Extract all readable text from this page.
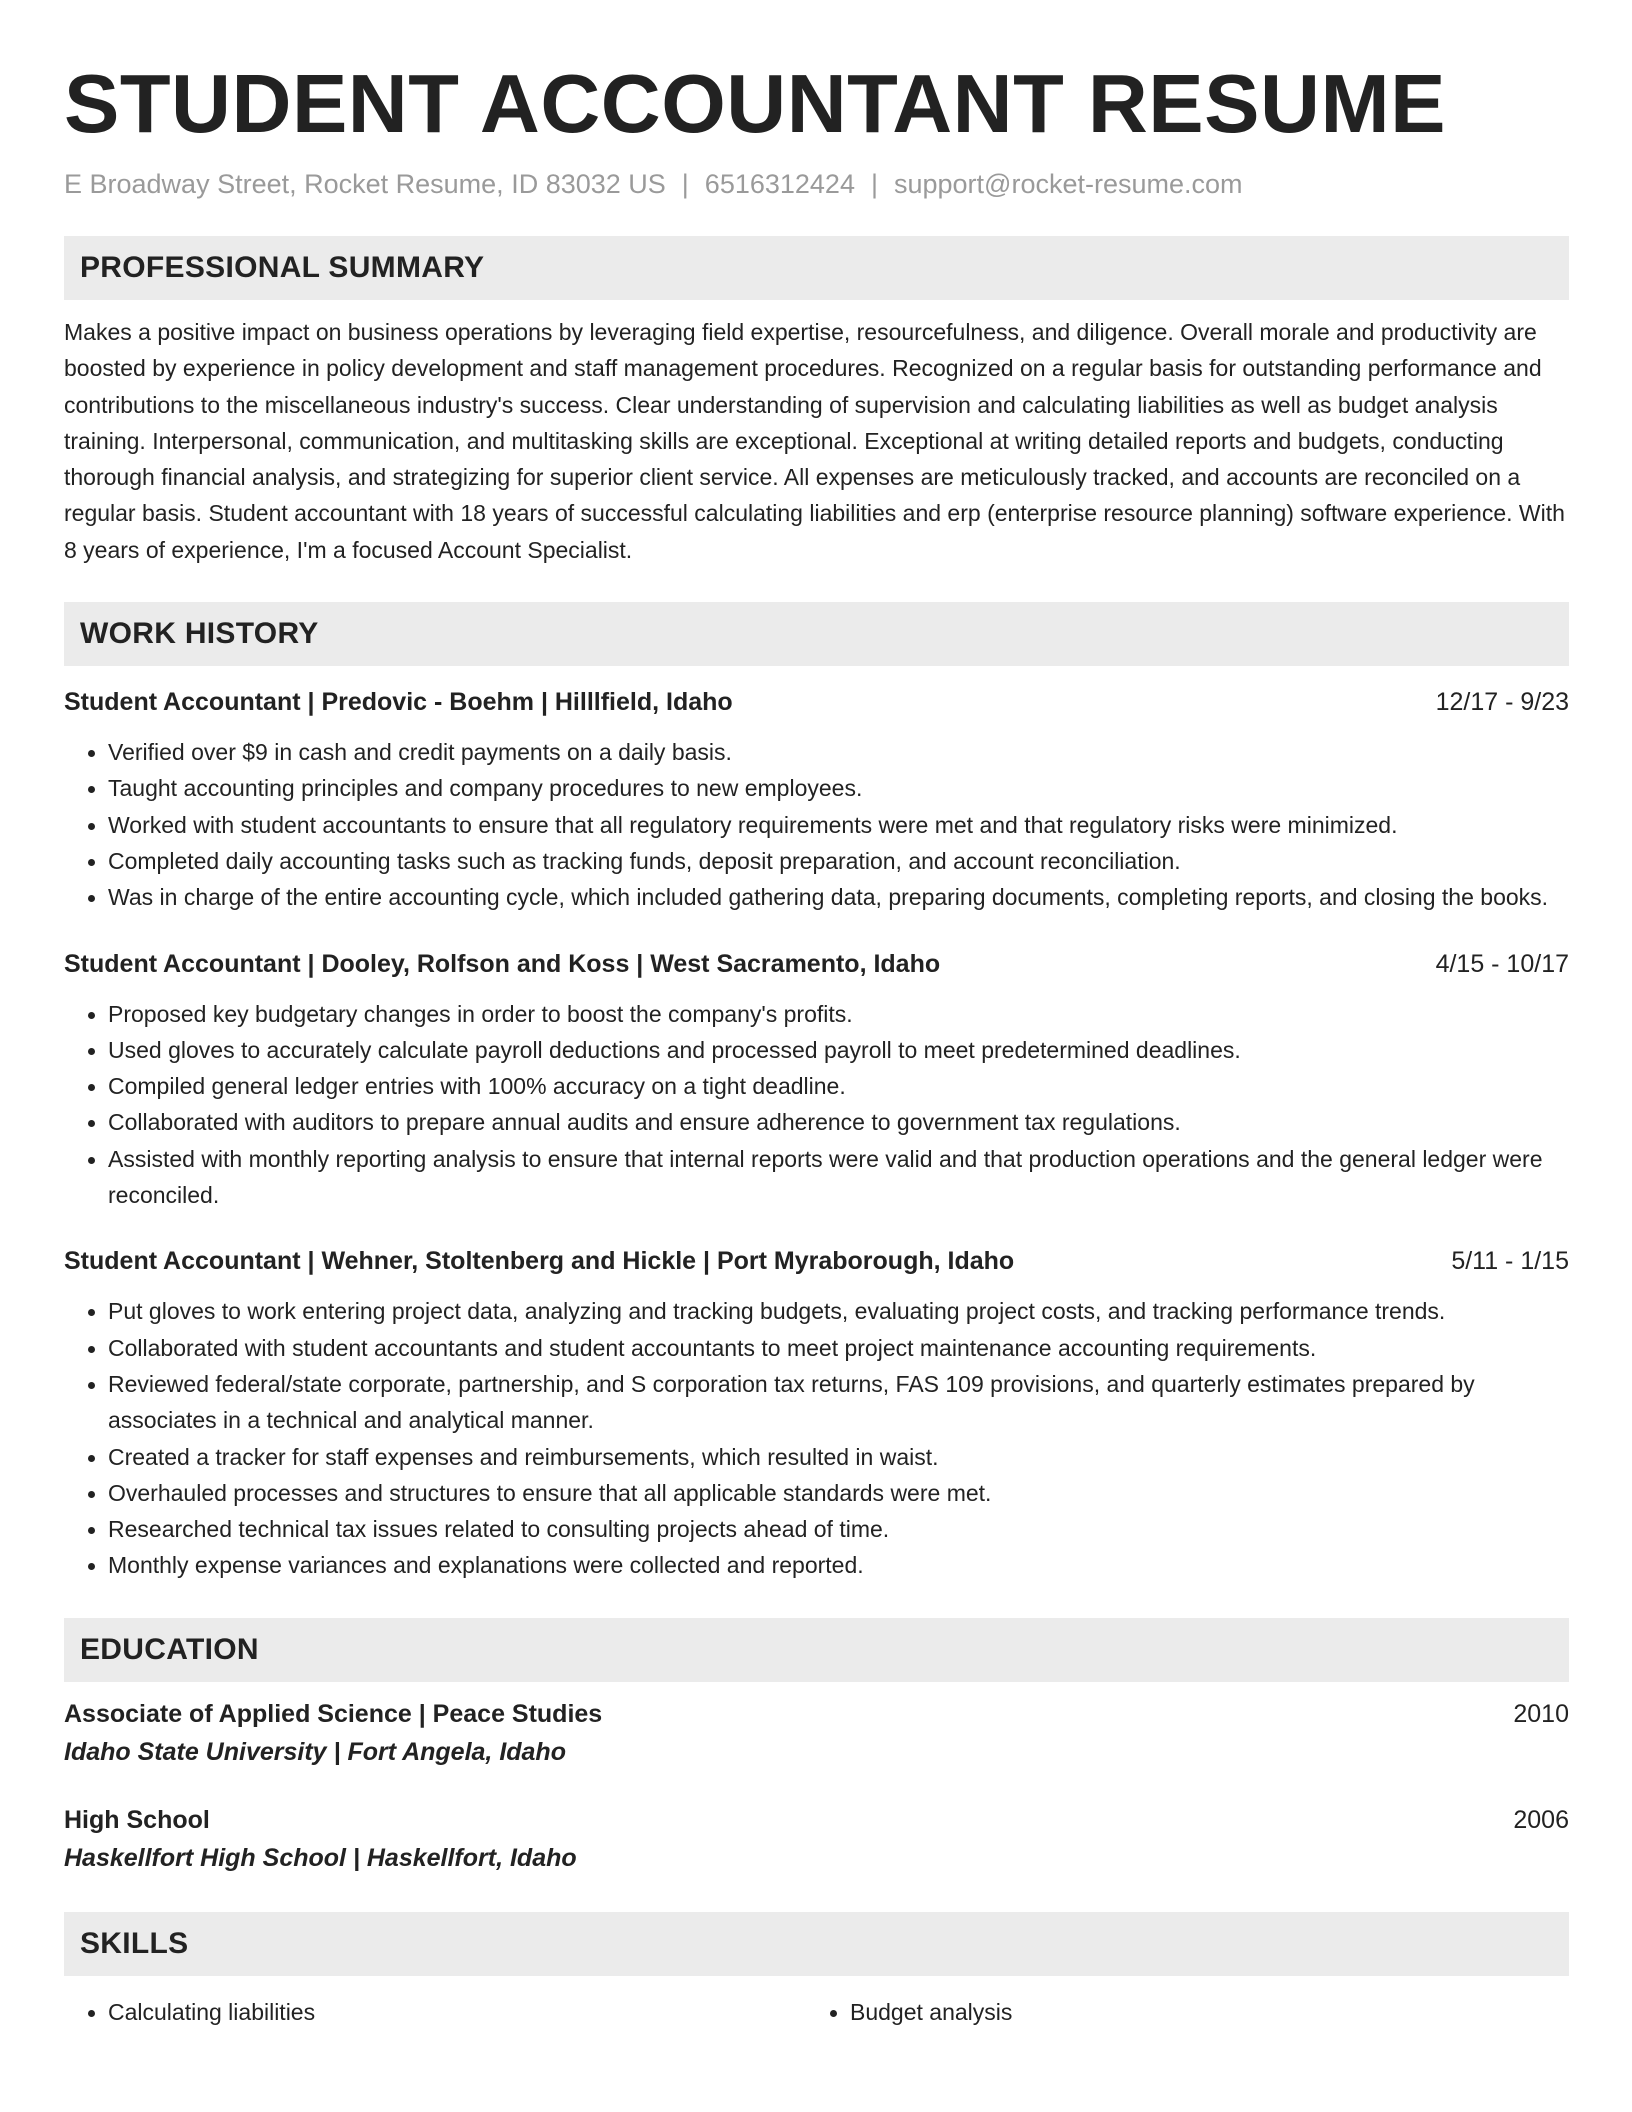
STUDENT ACCOUNTANT RESUME
E Broadway Street, Rocket Resume, ID 83032 US | 6516312424 | support@rocket-resume.com
PROFESSIONAL SUMMARY
Makes a positive impact on business operations by leveraging field expertise, resourcefulness, and diligence. Overall morale and productivity are boosted by experience in policy development and staff management procedures. Recognized on a regular basis for outstanding performance and contributions to the miscellaneous industry's success. Clear understanding of supervision and calculating liabilities as well as budget analysis training. Interpersonal, communication, and multitasking skills are exceptional. Exceptional at writing detailed reports and budgets, conducting thorough financial analysis, and strategizing for superior client service. All expenses are meticulously tracked, and accounts are reconciled on a regular basis. Student accountant with 18 years of successful calculating liabilities and erp (enterprise resource planning) software experience. With 8 years of experience, I'm a focused Account Specialist.
WORK HISTORY
Student Accountant | Predovic - Boehm | Hilllfield, Idaho	12/17 - 9/23
• Verified over $9 in cash and credit payments on a daily basis.
• Taught accounting principles and company procedures to new employees.
• Worked with student accountants to ensure that all regulatory requirements were met and that regulatory risks were minimized.
• Completed daily accounting tasks such as tracking funds, deposit preparation, and account reconciliation.
• Was in charge of the entire accounting cycle, which included gathering data, preparing documents, completing reports, and closing the books.
Student Accountant | Dooley, Rolfson and Koss | West Sacramento, Idaho	4/15 - 10/17
• Proposed key budgetary changes in order to boost the company's profits.
• Used gloves to accurately calculate payroll deductions and processed payroll to meet predetermined deadlines.
• Compiled general ledger entries with 100% accuracy on a tight deadline.
• Collaborated with auditors to prepare annual audits and ensure adherence to government tax regulations.
• Assisted with monthly reporting analysis to ensure that internal reports were valid and that production operations and the general ledger were reconciled.
Student Accountant | Wehner, Stoltenberg and Hickle | Port Myraborough, Idaho	5/11 - 1/15
• Put gloves to work entering project data, analyzing and tracking budgets, evaluating project costs, and tracking performance trends.
• Collaborated with student accountants and student accountants to meet project maintenance accounting requirements.
• Reviewed federal/state corporate, partnership, and S corporation tax returns, FAS 109 provisions, and quarterly estimates prepared by associates in a technical and analytical manner.
• Created a tracker for staff expenses and reimbursements, which resulted in waist.
• Overhauled processes and structures to ensure that all applicable standards were met.
• Researched technical tax issues related to consulting projects ahead of time.
• Monthly expense variances and explanations were collected and reported.
EDUCATION
Associate of Applied Science | Peace Studies	2010
Idaho State University | Fort Angela, Idaho
High School	2006
Haskellfort High School | Haskellfort, Idaho
SKILLS
• Calculating liabilities
•	Budget analysis
